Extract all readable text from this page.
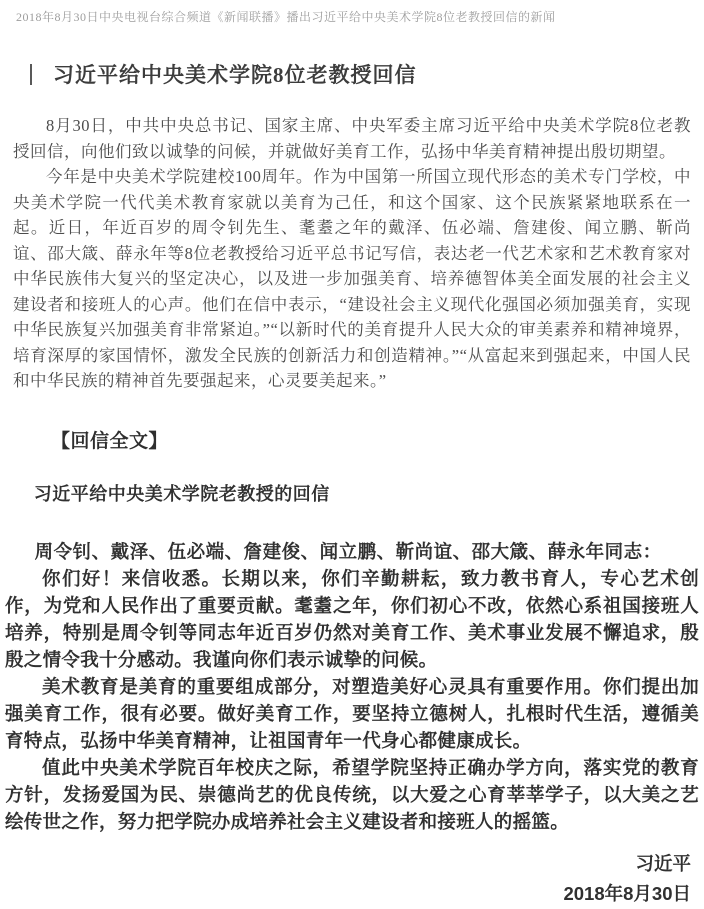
2018年8月30日中央电视台综合频道《新闻联播》播出习近平给中央美术学院8位老教授回信的新闻
习近平给中央美术学院8位老教授回信

8月30日，中共中央总书记、国家主席、中央军委主席习近平给中央美术学院8位老教授回信，向他们致以诚挚的问候，并就做好美育工作，弘扬中华美育精神提出殷切期望。

今年是中央美术学院建校100周年。作为中国第一所国立现代形态的美术专门学校，中央美术学院一代代美术教育家就以美育为己任，和这个国家、这个民族紧紧地联系在一起。近日，年近百岁的周令钊先生、耄耋之年的戴泽、伍必端、詹建俊、闻立鹏、靳尚谊、邵大箴、薛永年等8位老教授给习近平总书记写信，表达老一代艺术家和艺术教育家对中华民族伟大复兴的坚定决心，以及进一步加强美育、培养德智体美全面发展的社会主义建设者和接班人的心声。他们在信中表示，“建设社会主义现代化强国必须加强美育，实现中华民族复兴加强美育非常紧迫。”“以新时代的美育提升人民大众的审美素养和精神境界，培育深厚的家国情怀，激发全民族的创新活力和创造精神。”“从富起来到强起来，中国人民和中华民族的精神首先要强起来，心灵要美起来。”

【回信全文】
习近平给中央美术学院老教授的回信
周令钊、戴泽、伍必端、詹建俊、闻立鹏、靳尚谊、邵大箴、薛永年同志：

你们好！来信收悉。长期以来，你们辛勤耕耘，致力教书育人，专心艺术创作，为党和人民作出了重要贡献。耄耋之年，你们初心不改，依然心系祖国接班人培养，特别是周令钊等同志年近百岁仍然对美育工作、美术事业发展不懈追求，殷殷之情令我十分感动。我谨向你们表示诚挚的问候。

美术教育是美育的重要组成部分，对塑造美好心灵具有重要作用。你们提出加强美育工作，很有必要。做好美育工作，要坚持立德树人，扎根时代生活，遵循美育特点，弘扬中华美育精神，让祖国青年一代身心都健康成长。

值此中央美术学院百年校庆之际，希望学院坚持正确办学方向，落实党的教育方针，发扬爱国为民、崇德尚艺的优良传统，以大爱之心育莘莘学子，以大美之艺绘传世之作，努力把学院办成培养社会主义建设者和接班人的摇篮。

习近平
2018年8月30日
